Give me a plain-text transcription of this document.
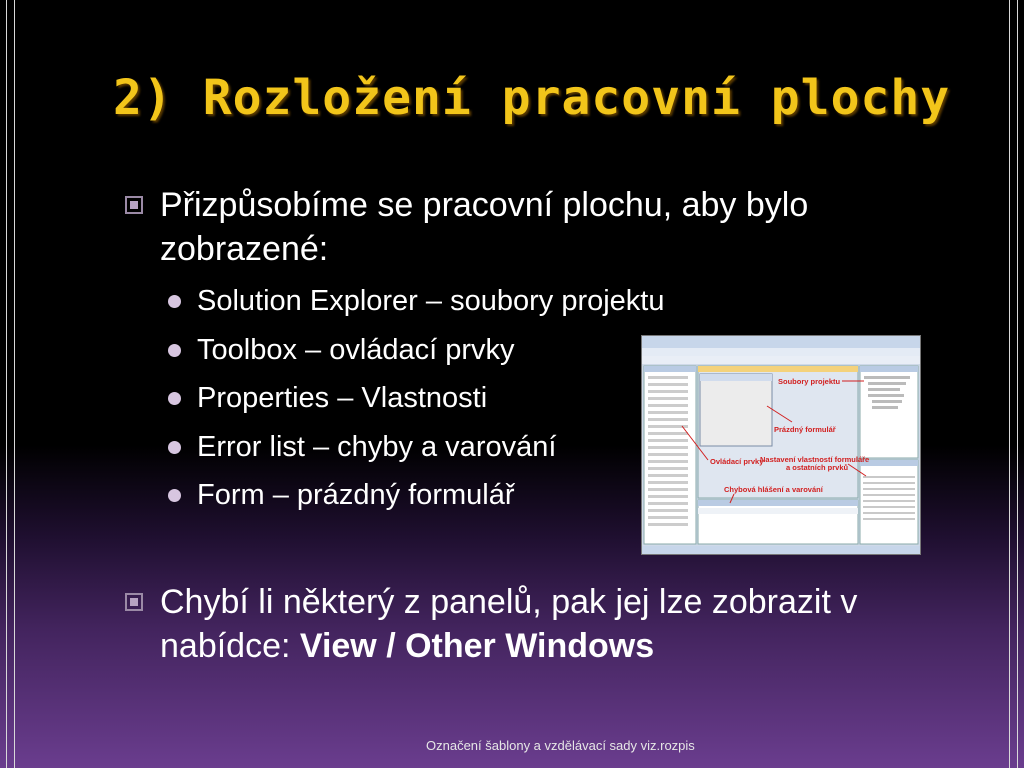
2) Rozložení pracovní plochy
Přizpůsobíme se pracovní plochu, aby bylo zobrazené:
Solution Explorer – soubory projektu
Toolbox – ovládací prvky
Properties – Vlastnosti
Error list – chyby a varování
Form – prázdný formulář
Chybí li některý z panelů, pak jej lze zobrazit v nabídce: View / Other Windows
Soubory projektu
Prázdný formulář
Nastavení vlastností formuláře
a ostatních prvků
Ovládací prvky
Chybová hlášení a varování
Označení šablony a vzdělávací sady viz.rozpis
